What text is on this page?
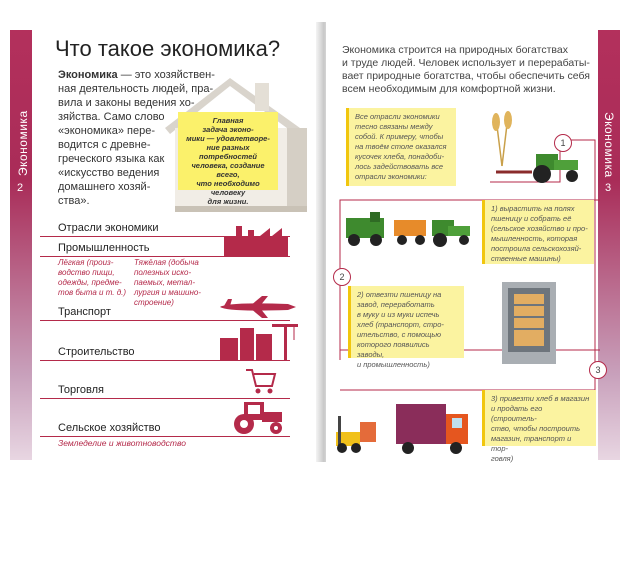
Экономика
2
Что такое экономика?
Экономика — это хозяйствен-
ная деятельность людей, пра-
вила и законы ведения хо-
зяйства. Само слово
«экономика» пере-
водится с древне-
греческого языка как
«искусство ведения
домашнего хозяй-
ства».
Главная
задача эконо-
мики — удовлетворе-
ние разных потребностей
человека, создание всего,
что необходимо человеку
для жизни.
Отрасли экономики
Промышленность
Лёгкая (произ-
водство пищи,
одежды, предме-
тов быта и т. д.)
Тяжёлая (добыча
полезных иско-
паемых, метал-
лургия и машино-
строение)
Транспорт
Строительство
Торговля
Сельское хозяйство
Земледелие и животноводство
Экономика
3
Экономика строится на природных богатствах
и труде людей. Человек использует и перерабаты-
вает природные богатства, чтобы обеспечить себя
всем необходимым для комфортной жизни.
1
2
3
Все отрасли экономики
тесно связаны между
собой. К примеру, чтобы
на твоём столе оказался
кусочек хлеба, понадоби-
лось задействовать все
отрасли экономики:
1) вырастить на полях
пшеницу и собрать её
(сельское хозяйство и про-
мышленность, которая
построила сельскохозяй-
ственные машины)
2) отвезти пшеницу на
завод, переработать
в муку и из муки испечь
хлеб (транспорт, стро-
ительство, с помощью
которого появились заводы,
и промышленность)
3) привезти хлеб в магазин
и продать его (строитель-
ство, чтобы построить
магазин, транспорт и тор-
говля)
